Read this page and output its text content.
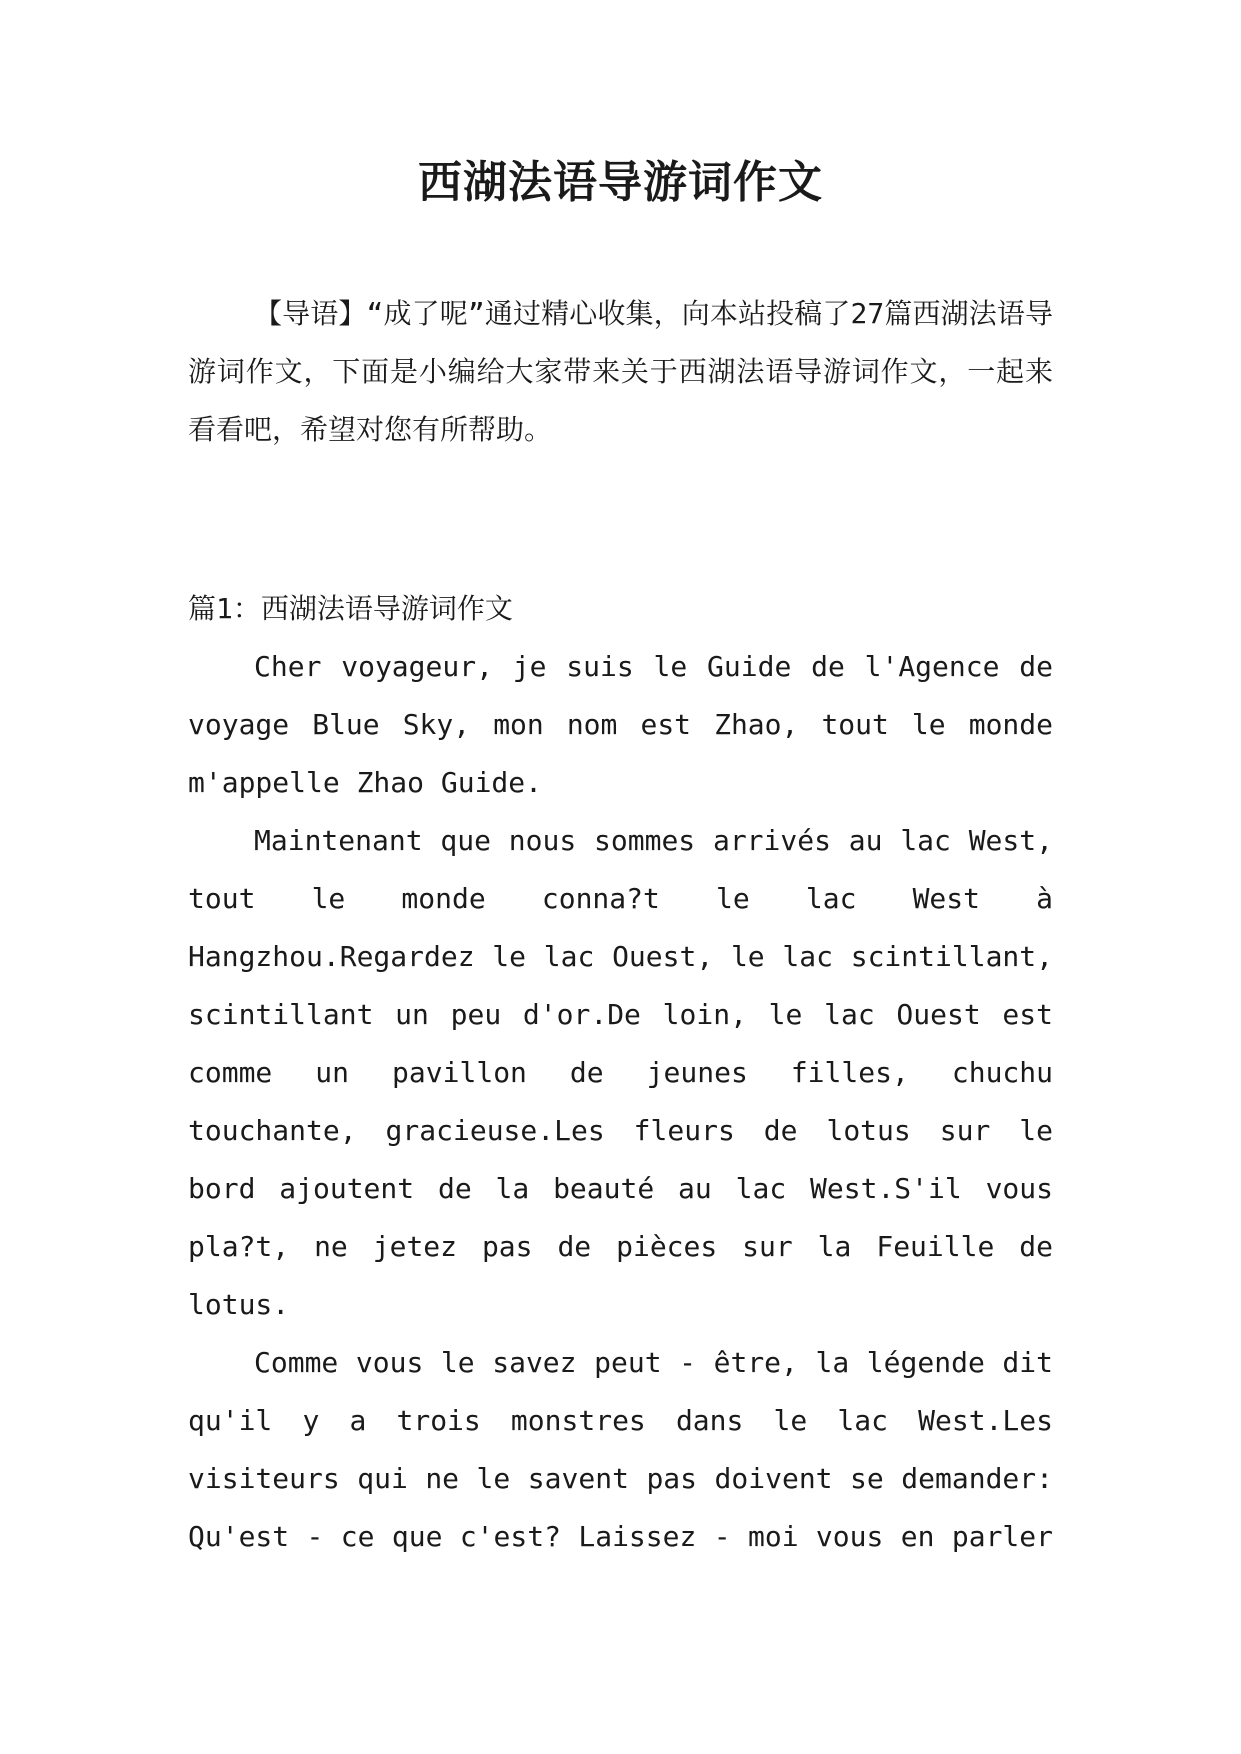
西湖法语导游词作文

【导语】“成了呢”通过精心收集，向本站投稿了27篇西湖法语导游词作文，下面是小编给大家带来关于西湖法语导游词作文，一起来看看吧，希望对您有所帮助。

篇1：西湖法语导游词作文

Cher voyageur, je suis le Guide de l'Agence de voyage Blue Sky, mon nom est Zhao, tout le monde m'appelle Zhao Guide.

Maintenant que nous sommes arrivés au lac West, tout le monde conna?t le lac West à Hangzhou.Regardez le lac Ouest, le lac scintillant, scintillant un peu d'or.De loin, le lac Ouest est comme un pavillon de jeunes filles, chuchu touchante, gracieuse.Les fleurs de lotus sur le bord ajoutent de la beauté au lac West.S'il vous pla?t, ne jetez pas de pièces sur la Feuille de lotus.

Comme vous le savez peut - être, la légende dit qu'il y a trois monstres dans le lac West.Les visiteurs qui ne le savent pas doivent se demander: Qu'est - ce que c'est? Laissez - moi vous en parler
